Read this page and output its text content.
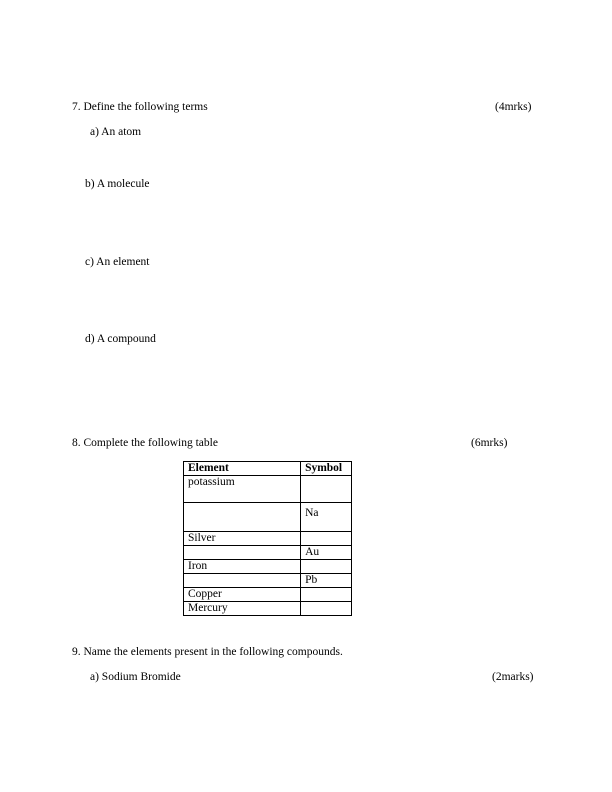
7. Define the following terms	(4mrks)
a) An atom
b) A molecule
c) An element
d) A compound
8. Complete the following table	(6mrks)
Element	Symbol
potassium	
	Na
Silver	
	Au
Iron	
	Pb
Copper	
Mercury	
9. Name the elements present in the following compounds.
a) Sodium Bromide	(2marks)
